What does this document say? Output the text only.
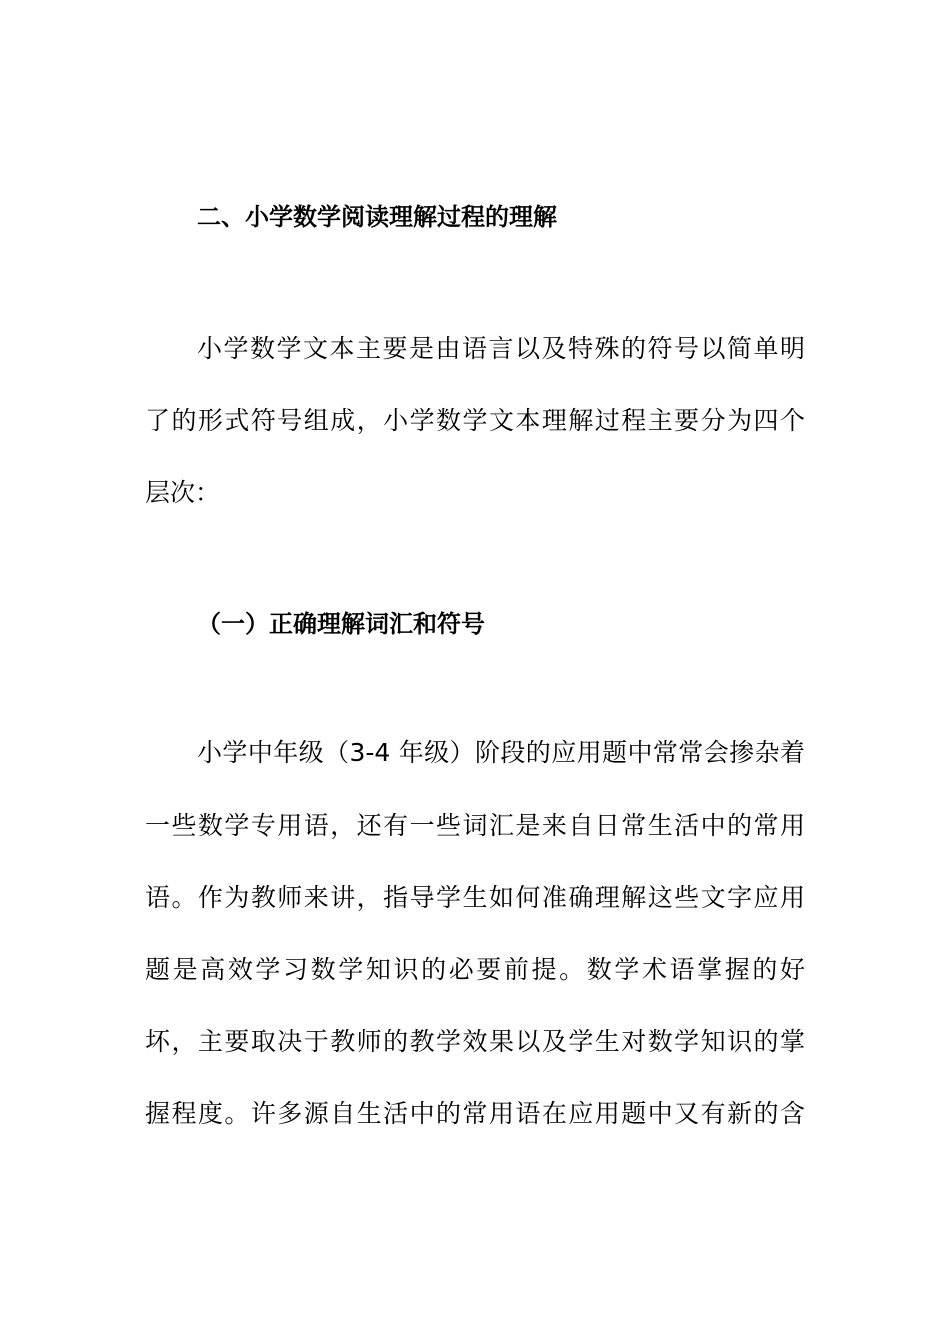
二、小学数学阅读理解过程的理解

小学数学文本主要是由语言以及特殊的符号以简单明

了的形式符号组成，小学数学文本理解过程主要分为四个

层次：

（一）正确理解词汇和符号

小学中年级（3-4 年级）阶段的应用题中常常会掺杂着

一些数学专用语，还有一些词汇是来自日常生活中的常用

语。作为教师来讲，指导学生如何准确理解这些文字应用

题是高效学习数学知识的必要前提。数学术语掌握的好

坏，主要取决于教师的教学效果以及学生对数学知识的掌

握程度。许多源自生活中的常用语在应用题中又有新的含
